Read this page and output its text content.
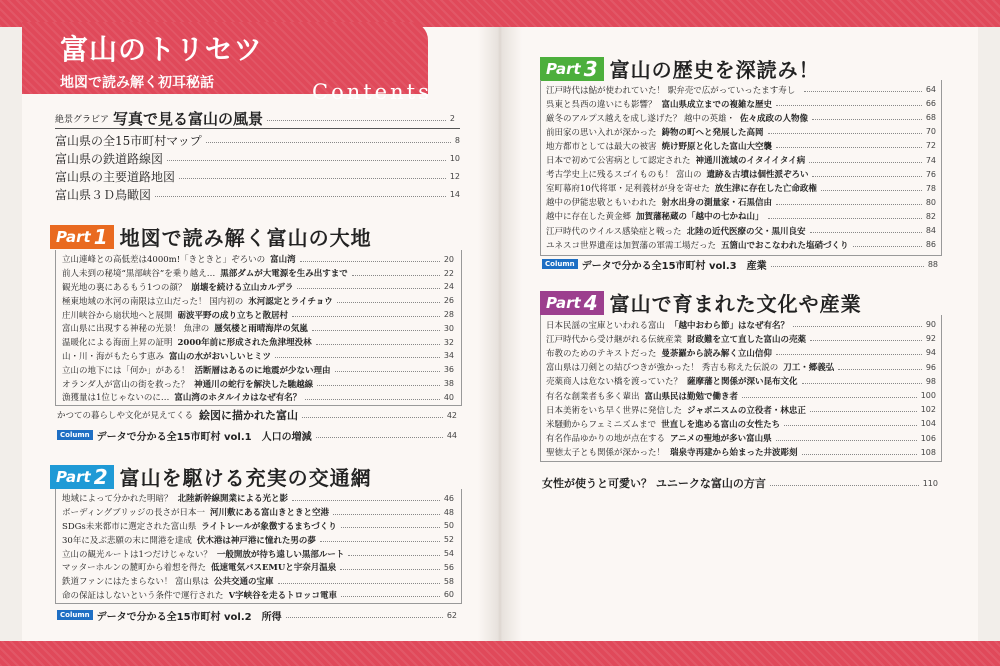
富山のトリセツ
地図で読み解く初耳秘話	Contents
絶景グラビア 写真で見る富山の風景	2
富山県の全15市町村マップ	8
富山県の鉄道路線図	10
富山県の主要道路地図	12
富山県３Ｄ鳥瞰図	14
Part 1 地図で読み解く富山の大地
立山連峰との高低差は4000m!「きときと」ぞろいの 富山湾	20
前人未到の秘境“黒部峡谷”を乗り越え… 黒部ダムが大電源を生み出すまで	22
観光地の裏にあるもう1つの顔？ 崩壊を続ける立山カルデラ	24
極東地域の氷河の南限は立山だった！ 国内初の 氷河認定とライチョウ	26
庄川峡谷から扇状地へと展開 砺波平野の成り立ちと散居村	28
富山県に出現する神秘の光景！ 魚津の 蜃気楼と雨晴海岸の気嵐	30
温暖化による海面上昇の証明 2000年前に形成された魚津埋没林	32
山・川・海がもたらす恵み 富山の水がおいしいヒミツ	34
立山の地下には「何か」がある！ 活断層はあるのに地震が少ない理由	36
オランダ人が富山の街を救った？ 神通川の蛇行を解決した馳越線	38
漁獲量は1位じゃないのに… 富山湾のホタルイカはなぜ有名？	40
かつての暮らしや文化が見えてくる 絵図に描かれた富山	42
Column データで分かる全15市町村 vol.1　人口の増減	44
Part 2 富山を駆ける充実の交通網
地域によって分かれた明暗？ 北陸新幹線開業による光と影	46
ボーディングブリッジの長さが日本一 河川敷にある富山きときと空港	48
SDGs未来都市に選定された富山県 ライトレールが象徴するまちづくり	50
30年に及ぶ悲願の末に開港を達成 伏木港は神戸港に憧れた男の夢	52
立山の観光ルートは1つだけじゃない？ 一般開放が待ち遠しい黒部ルート	54
マッターホルンの麓町から着想を得た 低速電気バスEMUと宇奈月温泉	56
鉄道ファンにはたまらない！ 富山県は 公共交通の宝庫	58
命の保証はしないという条件で運行された V字峡谷を走るトロッコ電車	60
Column データで分かる全15市町村 vol.2　所得	62
Part 3 富山の歴史を深読み！
江戸時代は鮎が使われていた！ 駅弁売で広がっていったます寿し	64
呉東と呉西の違いにも影響？ 富山県成立までの複雑な歴史	66
厳冬のアルプス越えを成し遂げた？ 越中の英雄・ 佐々成政の人物像	68
前田家の思い入れが深かった 鋳物の町へと発展した高岡	70
地方都市としては最大の被害 焼け野原と化した富山大空襲	72
日本で初めて公害病として認定された 神通川流域のイタイイタイ病	74
考古学史上に残るスゴイものも！ 富山の 遺跡＆古墳は個性派ぞろい	76
室町幕府10代将軍・足利義材が身を寄せた 放生津に存在した亡命政権	78
越中の伊能忠敬ともいわれた 射水出身の測量家・石黒信由	80
越中に存在した黄金郷 加賀藩秘蔵の「越中の七かね山」	82
江戸時代のウイルス感染症と戦った 北陸の近代医療の父・黒川良安	84
ユネスコ世界遺産は加賀藩の軍需工場だった 五箇山でおこなわれた塩硝づくり	86
Column データで分かる全15市町村 vol.3　産業	88
Part 4 富山で育まれた文化や産業
日本民謡の宝庫といわれる富山 「越中おわら節」はなぜ有名？	90
江戸時代から受け継がれる伝統産業 財政難を立て直した富山の売薬	92
布教のためのテキストだった 曼荼羅から読み解く立山信仰	94
富山県は刀剣との結びつきが強かった！ 秀吉も称えた伝説の 刀工・郷義弘	96
売薬商人は危ない橋を渡っていた？ 薩摩藩と関係が深い昆布文化	98
有名な創業者も多く輩出 富山県民は勤勉で働き者	100
日本美術をいち早く世界に発信した ジャポニスムの立役者・林忠正	102
米騒動からフェミニズムまで 世直しを進める富山の女性たち	104
有名作品ゆかりの地が点在する アニメの聖地が多い富山県	106
聖徳太子とも関係が深かった！ 瑞泉寺再建から始まった井波彫刻	108
女性が使うと可愛い？ ユニークな富山の方言	110
